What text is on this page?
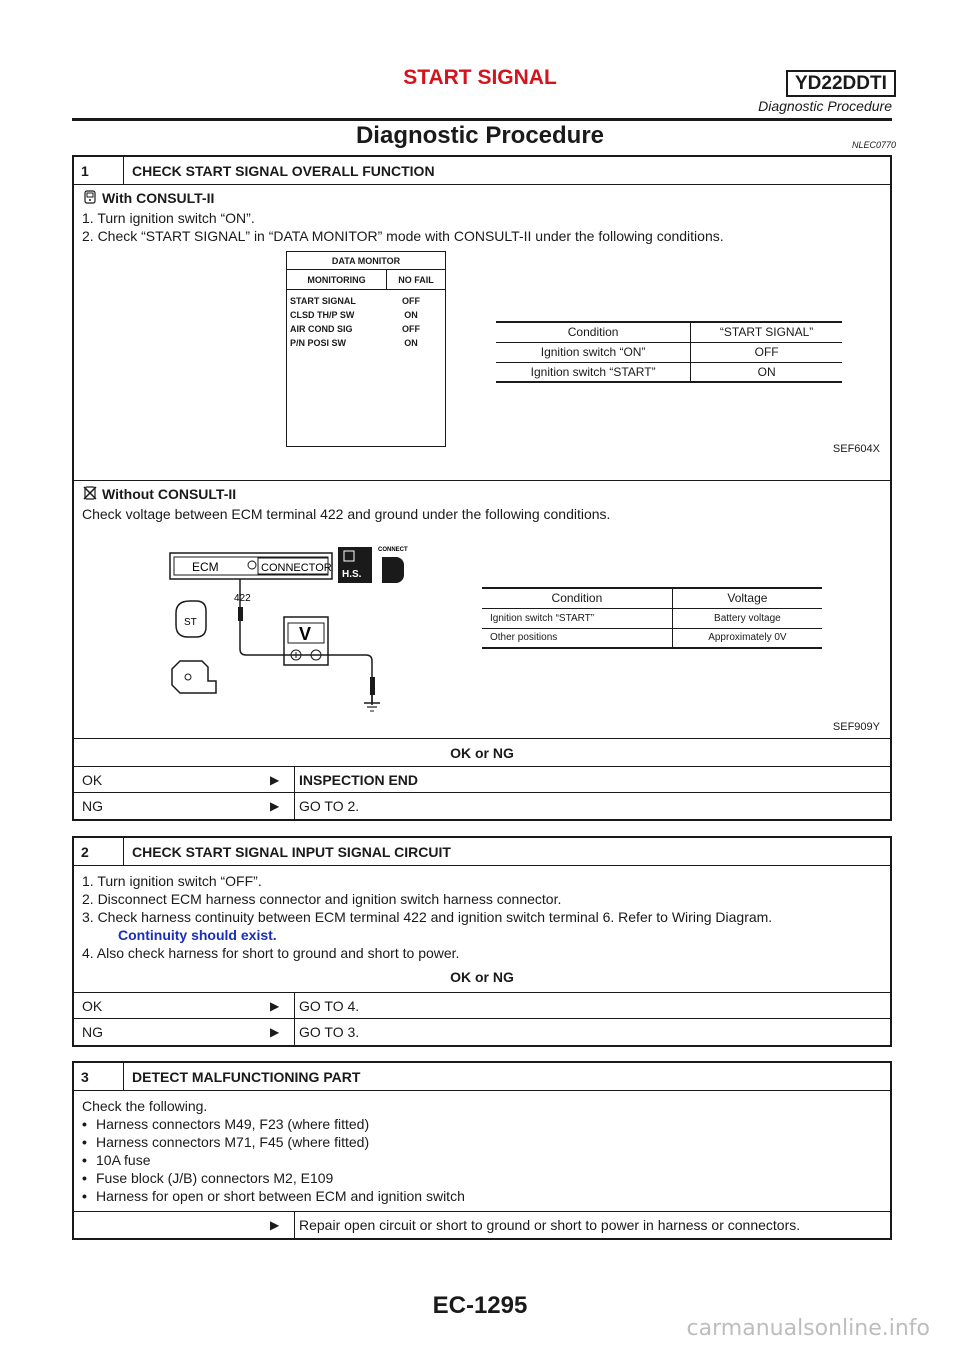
START SIGNAL	YD22DDTI
Diagnostic Procedure
Diagnostic Procedure	NLEC0770
1	CHECK START SIGNAL OVERALL FUNCTION
With CONSULT-II
1. Turn ignition switch “ON”.
2. Check “START SIGNAL” in “DATA MONITOR” mode with CONSULT-II under the following conditions.
DATA MONITOR
MONITORING	NO FAIL
START SIGNAL	OFF
CLSD TH/P SW	ON
AIR COND SIG	OFF
P/N POSI SW	ON
Condition	“START SIGNAL”
Ignition switch “ON”	OFF
Ignition switch “START”	ON
SEF604X
Without CONSULT-II
Check voltage between ECM terminal 422 and ground under the following conditions.
ECM	CONNECTOR
H.S.
CONNECT
422
V
ST
Condition	Voltage
Ignition switch “START”	Battery voltage
Other positions	Approximately 0V
SEF909Y
OK or NG
OK	▶	INSPECTION END
NG	▶	GO TO 2.
2	CHECK START SIGNAL INPUT SIGNAL CIRCUIT
1. Turn ignition switch “OFF”.
2. Disconnect ECM harness connector and ignition switch harness connector.
3. Check harness continuity between ECM terminal 422 and ignition switch terminal 6. Refer to Wiring Diagram.
Continuity should exist.
4. Also check harness for short to ground and short to power.
OK or NG
OK	▶	GO TO 4.
NG	▶	GO TO 3.
3	DETECT MALFUNCTIONING PART
Check the following.
• Harness connectors M49, F23 (where fitted)
• Harness connectors M71, F45 (where fitted)
• 10A fuse
• Fuse block (J/B) connectors M2, E109
• Harness for open or short between ECM and ignition switch
▶	Repair open circuit or short to ground or short to power in harness or connectors.
EC-1295
carmanualsonline.info
